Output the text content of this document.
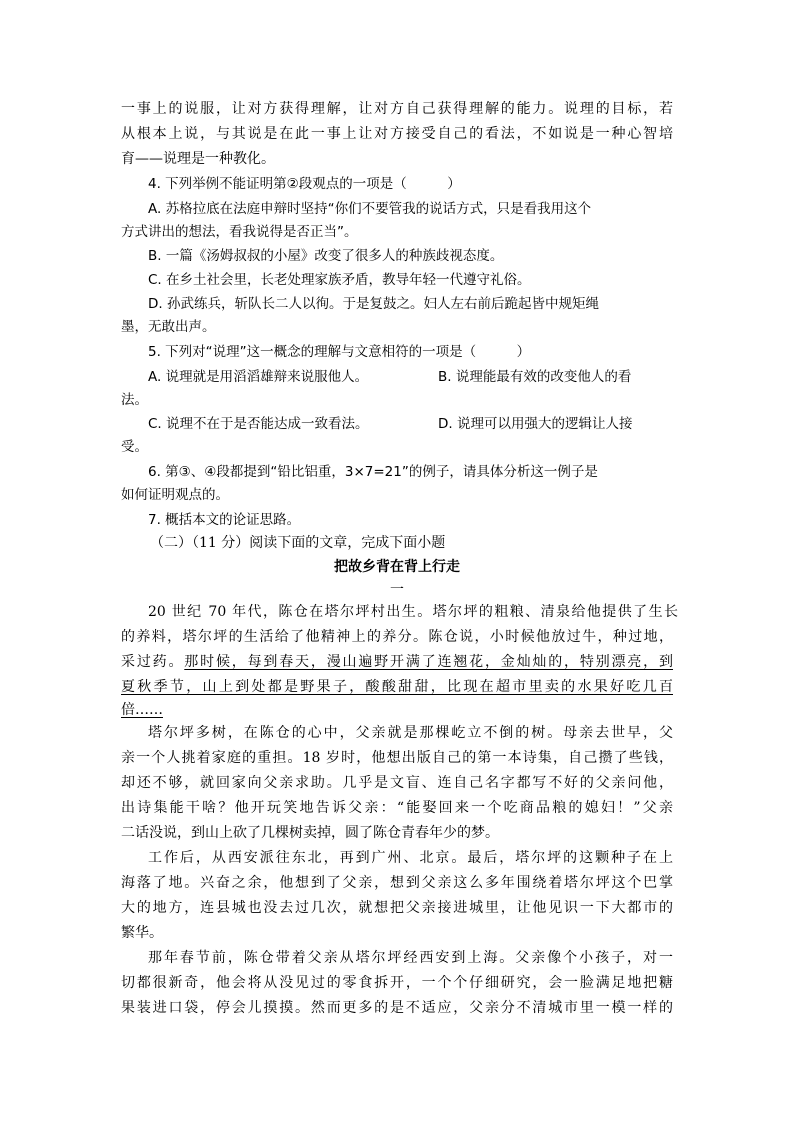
一事上的说服，让对方获得理解，让对方自己获得理解的能力。说理的目标，若
从根本上说，与其说是在此一事上让对方接受自己的看法，不如说是一种心智培
育——说理是一种教化。
4. 下列举例不能证明第②段观点的一项是（　　　）
A. 苏格拉底在法庭申辩时坚持“你们不要管我的说话方式，只是看我用这个
方式讲出的想法，看我说得是否正当”。
B. 一篇《汤姆叔叔的小屋》改变了很多人的种族歧视态度。
C. 在乡土社会里，长老处理家族矛盾，教导年轻一代遵守礼俗。
D. 孙武练兵，斩队长二人以徇。于是复鼓之。妇人左右前后跪起皆中规矩绳
墨，无敢出声。
5. 下列对“说理”这一概念的理解与文意相符的一项是（　　　）
A. 说理就是用滔滔雄辩来说服他人。	B. 说理能最有效的改变他人的看
法。
C. 说理不在于是否能达成一致看法。	D. 说理可以用强大的逻辑让人接
受。
6. 第③、④段都提到“铅比铝重，3×7=21”的例子，请具体分析这一例子是
如何证明观点的。
7. 概括本文的论证思路。
（二）（11 分）阅读下面的文章，完成下面小题
把故乡背在背上行走
一
20 世纪 70 年代，陈仓在塔尔坪村出生。塔尔坪的粗粮、清泉给他提供了生长
的养料，塔尔坪的生活给了他精神上的养分。陈仓说，小时候他放过牛，种过地，
采过药。那时候，每到春天，漫山遍野开满了连翘花，金灿灿的，特别漂亮，到
夏秋季节，山上到处都是野果子，酸酸甜甜，比现在超市里卖的水果好吃几百
倍……
塔尔坪多树，在陈仓的心中，父亲就是那棵屹立不倒的树。母亲去世早，父
亲一个人挑着家庭的重担。18 岁时，他想出版自己的第一本诗集，自己攒了些钱，
却还不够，就回家向父亲求助。几乎是文盲、连自己名字都写不好的父亲问他，
出诗集能干啥？他开玩笑地告诉父亲：“能娶回来一个吃商品粮的媳妇！”父亲
二话没说，到山上砍了几棵树卖掉，圆了陈仓青春年少的梦。
工作后，从西安派往东北，再到广州、北京。最后，塔尔坪的这颗种子在上
海落了地。兴奋之余，他想到了父亲，想到父亲这么多年围绕着塔尔坪这个巴掌
大的地方，连县城也没去过几次，就想把父亲接进城里，让他见识一下大都市的
繁华。
那年春节前，陈仓带着父亲从塔尔坪经西安到上海。父亲像个小孩子，对一
切都很新奇，他会将从没见过的零食拆开，一个个仔细研究，会一脸满足地把糖
果装进口袋，停会儿摸摸。然而更多的是不适应，父亲分不清城市里一模一样的
